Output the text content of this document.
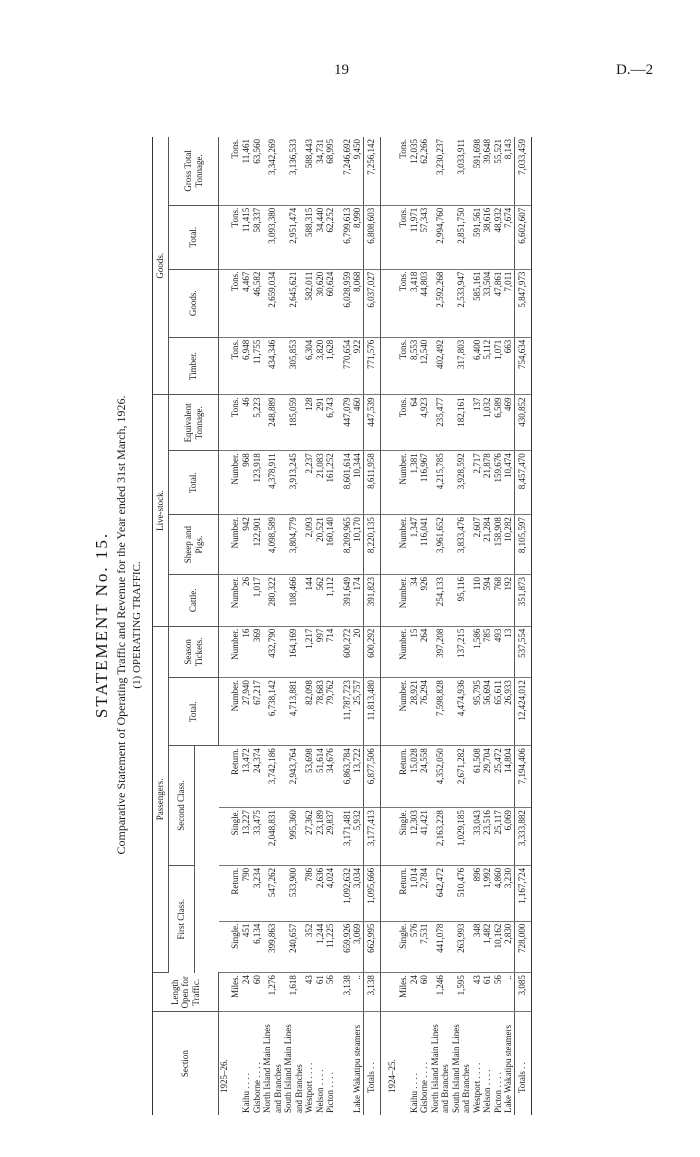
19	D.—2
STATEMENT No. 15. Comparative Statement of Operating Traffic and Revenue for the Year ended 31st March, 1926. (1) OPERATING TRAFFIC.
Section	Length Open for Traffic.	Passengers.						Live-stock.				Goods.			
		First Class.		Second Class.		Total.	Season Tickets.	Cattle.	Sheep and Pigs.	Total.	Equivalent Tonnage.	Timber.	Goods.	Total.	Gross Total Tonnage.

1925–26.															
	Miles.	Single.	Return.	Single.	Return.	Number.	Number.	Number.	Number.	Number.	Tons.	Tons.	Tons.	Tons.	Tons.
Kaihu . . . .	24	451	790	13,227	13,472	27,940	16	26	942	968	46	6,948	4,467	11,415	11,461
Gisborne . . . .	60	6,134	3,234	33,475	24,374	67,217	369	1,017	122,901	123,918	5,223	11,755	46,582	58,337	63,560
North Island Main Lines and Branches	1,276	399,863	547,262	2,048,831	3,742,186	6,738,142	432,790	280,322	4,098,589	4,378,911	248,889	434,346	2,659,034	3,093,380	3,342,269
South Island Main Lines and Branches	1,618	240,657	533,900	995,360	2,943,764	4,713,881	164,169	108,466	3,804,779	3,913,245	185,059	305,853	2,645,621	2,951,474	3,136,533
Westport . . . .	43	352	786	27,362	53,698	82,098	1,217	144	2,093	2,237	128	6,304	582,011	588,315	588,443
Nelson . . . .	61	1,244	2,636	23,189	51,614	78,683	997	562	20,521	21,083	291	3,820	30,620	34,440	34,731
Picton . . . .	56	11,225	4,024	29,837	34,676	79,762	714	1,112	160,140	161,252	6,743	1,628	60,624	62,252	68,995

	3,138	659,926	1,092,632	3,171,481	6,863,784	11,787,723	600,272	391,649	8,209,965	8,601,614	447,079	770,654	6,028,959	6,799,613	7,246,692
Lake Wakatipu steamers	..	3,069	3,034	5,932	13,722	25,757	20	174	10,170	10,344	460	922	8,068	8,990	9,450
Totals . .	3,138	662,995	1,095,666	3,177,413	6,877,506	11,813,480	600,292	391,823	8,220,135	8,611,958	447,539	771,576	6,037,027	6,808,603	7,256,142

1924–25.															
	Miles.	Single.	Return.	Single.	Return.	Number.	Number.	Number.	Number.	Number.	Tons.	Tons.	Tons.	Tons.	Tons.
Kaihu . . . .	24	576	1,014	12,303	15,028	28,921	15	34	1,347	1,381	64	8,553	3,418	11,971	12,035
Gisborne . . . .	60	7,531	2,784	41,421	24,558	76,294	264	926	116,041	116,967	4,923	12,540	44,803	57,343	62,266
North Island Main Lines and Branches	1,246	441,078	642,472	2,163,228	4,352,050	7,598,828	397,208	254,133	3,961,652	4,215,785	235,477	402,492	2,592,268	2,994,760	3,230,237
South Island Main Lines and Branches	1,595	263,993	510,476	1,029,185	2,671,282	4,474,936	137,215	95,116	3,833,476	3,928,592	182,161	317,803	2,533,947	2,851,750	3,033,911
Westport . . . .	43	348	896	33,043	61,508	95,795	1,586	110	2,607	2,717	137	6,400	585,161	591,561	591,698
Nelson . . . .	61	1,482	1,992	23,516	29,704	56,694	785	594	21,284	21,878	1,032	5,112	33,504	38,616	39,648
Picton . . . .	56	10,162	4,860	25,117	25,472	65,611	493	768	158,908	159,676	6,589	1,071	47,861	48,932	55,521
Lake Wakatipu steamers	..	2,830	3,230	6,069	14,804	26,933	13	192	10,282	10,474	469	663	7,011	7,674	8,143
Totals . .	3,085	728,000	1,167,724	3,333,882	7,194,406	12,424,012	537,554	351,873	8,105,597	8,457,470	430,852	754,634	5,847,973	6,602,607	7,033,459
